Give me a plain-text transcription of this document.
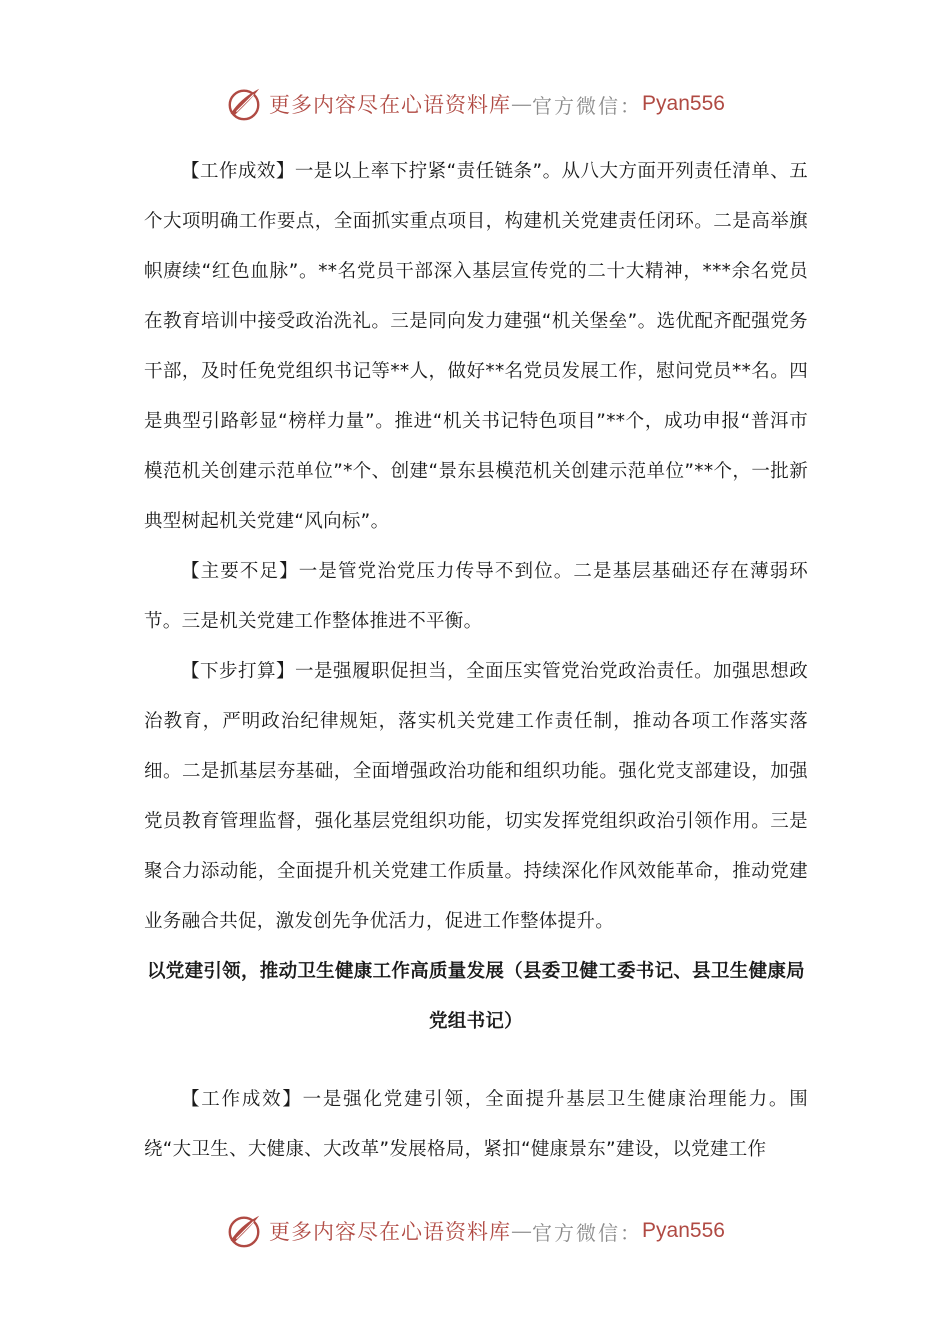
更多内容尽在心语资料库 — 官方微信： Pyan556

【工作成效】一是以上率下拧紧“责任链条”。从八大方面开列责任清单、五个大项明确工作要点，全面抓实重点项目，构建机关党建责任闭环。二是高举旗帜赓续“红色血脉”。**名党员干部深入基层宣传党的二十大精神，***余名党员在教育培训中接受政治洗礼。三是同向发力建强“机关堡垒”。选优配齐配强党务干部，及时任免党组织书记等**人，做好**名党员发展工作，慰问党员**名。四是典型引路彰显“榜样力量”。推进“机关书记特色项目”**个，成功申报“普洱市模范机关创建示范单位”*个、创建“景东县模范机关创建示范单位”**个，一批新典型树起机关党建“风向标”。

【主要不足】一是管党治党压力传导不到位。二是基层基础还存在薄弱环节。三是机关党建工作整体推进不平衡。

【下步打算】一是强履职促担当，全面压实管党治党政治责任。加强思想政治教育，严明政治纪律规矩，落实机关党建工作责任制，推动各项工作落实落细。二是抓基层夯基础，全面增强政治功能和组织功能。强化党支部建设，加强党员教育管理监督，强化基层党组织功能，切实发挥党组织政治引领作用。三是聚合力添动能，全面提升机关党建工作质量。持续深化作风效能革命，推动党建业务融合共促，激发创先争优活力，促进工作整体提升。

以党建引领，推动卫生健康工作高质量发展（县委卫健工委书记、县卫生健康局党组书记）

【工作成效】一是强化党建引领，全面提升基层卫生健康治理能力。围绕“大卫生、大健康、大改革”发展格局，紧扣“健康景东”建设，以党建工作

更多内容尽在心语资料库 — 官方微信： Pyan556
